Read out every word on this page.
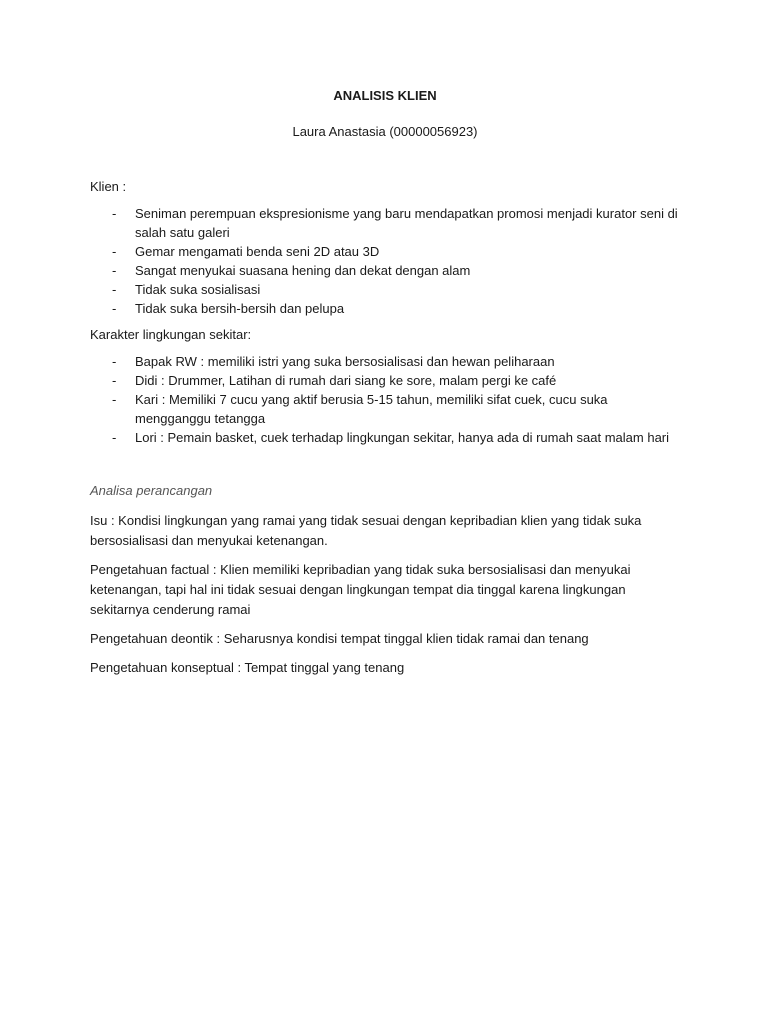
ANALISIS KLIEN
Laura Anastasia (00000056923)
Klien :
- Seniman perempuan ekspresionisme yang baru mendapatkan promosi menjadi kurator seni di salah satu galeri
- Gemar mengamati benda seni 2D atau 3D
- Sangat menyukai suasana hening dan dekat dengan alam
- Tidak suka sosialisasi
- Tidak suka bersih-bersih dan pelupa
Karakter lingkungan sekitar:
- Bapak RW : memiliki istri yang suka bersosialisasi dan hewan peliharaan
- Didi : Drummer, Latihan di rumah dari siang ke sore, malam pergi ke café
- Kari : Memiliki 7 cucu yang aktif berusia 5-15 tahun, memiliki sifat cuek, cucu suka mengganggu tetangga
- Lori : Pemain basket, cuek terhadap lingkungan sekitar, hanya ada di rumah saat malam hari
Analisa perancangan
Isu : Kondisi lingkungan yang ramai yang tidak sesuai dengan kepribadian klien yang tidak suka bersosialisasi dan menyukai ketenangan.
Pengetahuan factual : Klien memiliki kepribadian yang tidak suka bersosialisasi dan menyukai ketenangan, tapi hal ini tidak sesuai dengan lingkungan tempat dia tinggal karena lingkungan sekitarnya cenderung ramai
Pengetahuan deontik : Seharusnya kondisi tempat tinggal klien tidak ramai dan tenang
Pengetahuan konseptual : Tempat tinggal yang tenang
